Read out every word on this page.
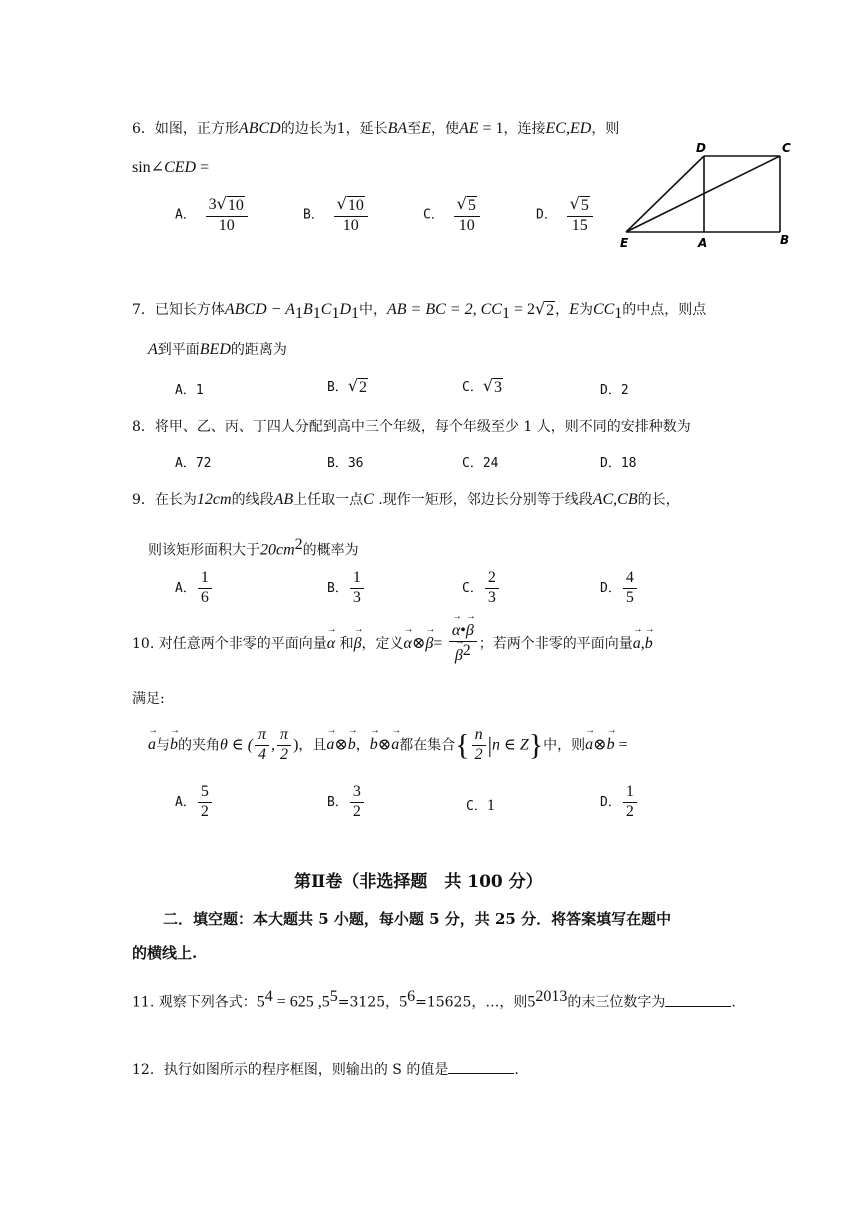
6．如图，正方形ABCD的边长为1，延长BA至E，使AE = 1，连接EC,ED，则
sin∠CED =
A． $\frac{3 √ 10}{10}$	B． $\frac{√ 10}{10}$	C． $\frac{√ 5}{10}$	D． $\frac{√ 5}{15}$
D	C
E	A	B
7．已知长方体ABCD − $A_1B_1C_1D_1$中，AB = BC = 2, $CC_1 = 2$ √ 2 ，E为$CC_1$的中点，则点
A到平面BED的距离为
A．1	B． √ 2	C． √ 3	D．2
8．将甲、乙、丙、丁四人分配到高中三个年级，每个年级至少 1 人，则不同的安排种数为
A．72	B．36	C．24	D．18
9．在长为12cm的线段AB上任取一点C .现作一矩形，邻边长分别等于线段AC,CB的长，
则该矩形面积大于$20cm^2$的概率为
A． $\frac{1}{6}$	B． $\frac{1}{3}$	C． $\frac{2}{3}$	D． $\frac{4}{5}$
10. 对任意两个非零的平面向量→ α 和→ β，定义→ α⊗→ β=
→ α•→ β
→ $\beta^2$ ；若两个非零的平面向量→ a,→ b
满足:
→ a与→ b的夹角θ ∈ ( $\frac{\pi}{4}$ , $\frac{\pi}{2}$ )，且→ a⊗→ b，→ b⊗→ a都在集合{ $\frac{n}{2} |n$ ∈ Z}中，则→ a⊗→ b =
A． $\frac{5}{2}$	B． $\frac{3}{2}$	C．1	D． $\frac{1}{2}$
第Ⅱ卷（非选择题　共 100 分）
二．填空题：本大题共 5 小题，每小题 5 分，共 25 分．将答案填写在题中
的横线上.
11. 观察下列各式：$5^4 = 625$ $,5^5=3125$，$5^6=15625$，…，则$5^{2013}$的末三位数字为	.
12．执行如图所示的程序框图，则输出的 S 的值是	.
